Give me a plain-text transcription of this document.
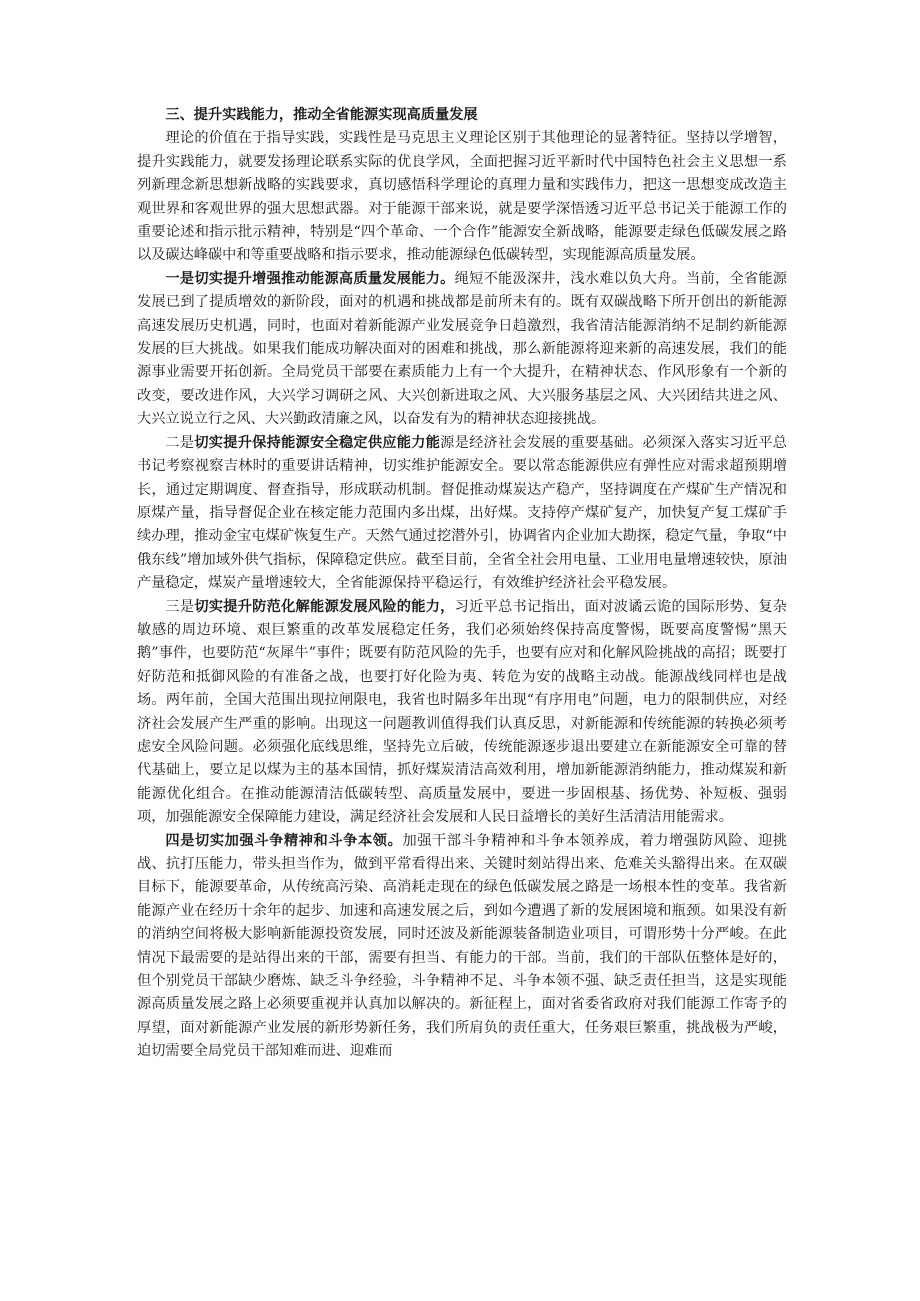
三、提升实践能力，推动全省能源实现高质量发展

理论的价值在于指导实践，实践性是马克思主义理论区别于其他理论的显著特征。坚持以学增智，提升实践能力，就要发扬理论联系实际的优良学风，全面把握习近平新时代中国特色社会主义思想一系列新理念新思想新战略的实践要求，真切感悟科学理论的真理力量和实践伟力，把这一思想变成改造主观世界和客观世界的强大思想武器。对于能源干部来说，就是要学深悟透习近平总书记关于能源工作的重要论述和指示批示精神，特别是“四个革命、一个合作”能源安全新战略，能源要走绿色低碳发展之路以及碳达峰碳中和等重要战略和指示要求，推动能源绿色低碳转型，实现能源高质量发展。

一是切实提升增强推动能源高质量发展能力。绳短不能汲深井，浅水难以负大舟。当前，全省能源发展已到了提质增效的新阶段，面对的机遇和挑战都是前所未有的。既有双碳战略下所开创出的新能源高速发展历史机遇，同时，也面对着新能源产业发展竞争日趋激烈，我省清洁能源消纳不足制约新能源发展的巨大挑战。如果我们能成功解决面对的困难和挑战，那么新能源将迎来新的高速发展，我们的能源事业需要开拓创新。全局党员干部要在素质能力上有一个大提升，在精神状态、作风形象有一个新的改变，要改进作风，大兴学习调研之风、大兴创新进取之风、大兴服务基层之风、大兴团结共进之风、大兴立说立行之风、大兴勤政清廉之风，以奋发有为的精神状态迎接挑战。

二是切实提升保持能源安全稳定供应能力能源是经济社会发展的重要基础。必须深入落实习近平总书记考察视察吉林时的重要讲话精神，切实维护能源安全。要以常态能源供应有弹性应对需求超预期增长，通过定期调度、督查指导，形成联动机制。督促推动煤炭达产稳产，坚持调度在产煤矿生产情况和原煤产量，指导督促企业在核定能力范围内多出煤，出好煤。支持停产煤矿复产，加快复产复工煤矿手续办理，推动金宝屯煤矿恢复生产。天然气通过挖潜外引，协调省内企业加大勘探，稳定气量，争取“中俄东线”增加域外供气指标，保障稳定供应。截至目前，全省全社会用电量、工业用电量增速较快，原油产量稳定，煤炭产量增速较大，全省能源保持平稳运行，有效维护经济社会平稳发展。

三是切实提升防范化解能源发展风险的能力，习近平总书记指出，面对波谲云诡的国际形势、复杂敏感的周边环境、艰巨繁重的改革发展稳定任务，我们必须始终保持高度警惕，既要高度警惕“黑天鹅”事件，也要防范“灰犀牛”事件；既要有防范风险的先手，也要有应对和化解风险挑战的高招；既要打好防范和抵御风险的有准备之战，也要打好化险为夷、转危为安的战略主动战。能源战线同样也是战场。两年前，全国大范围出现拉闸限电，我省也时隔多年出现“有序用电”问题，电力的限制供应，对经济社会发展产生严重的影响。出现这一问题教训值得我们认真反思，对新能源和传统能源的转换必须考虑安全风险问题。必须强化底线思维，坚持先立后破，传统能源逐步退出要建立在新能源安全可靠的替代基础上，要立足以煤为主的基本国情，抓好煤炭清洁高效利用，增加新能源消纳能力，推动煤炭和新能源优化组合。在推动能源清洁低碳转型、高质量发展中，要进一步固根基、扬优势、补短板、强弱项，加强能源安全保障能力建设，满足经济社会发展和人民日益增长的美好生活清洁用能需求。

四是切实加强斗争精神和斗争本领。加强干部斗争精神和斗争本领养成，着力增强防风险、迎挑战、抗打压能力，带头担当作为，做到平常看得出来、关键时刻站得出来、危难关头豁得出来。在双碳目标下，能源要革命，从传统高污染、高消耗走现在的绿色低碳发展之路是一场根本性的变革。我省新能源产业在经历十余年的起步、加速和高速发展之后，到如今遭遇了新的发展困境和瓶颈。如果没有新的消纳空间将极大影响新能源投资发展，同时还波及新能源装备制造业项目，可谓形势十分严峻。在此情况下最需要的是站得出来的干部，需要有担当、有能力的干部。当前，我们的干部队伍整体是好的，但个别党员干部缺少磨炼、缺乏斗争经验，斗争精神不足、斗争本领不强、缺乏责任担当，这是实现能源高质量发展之路上必须要重视并认真加以解决的。新征程上，面对省委省政府对我们能源工作寄予的厚望，面对新能源产业发展的新形势新任务，我们所肩负的责任重大，任务艰巨繁重，挑战极为严峻，迫切需要全局党员干部知难而进、迎难而
